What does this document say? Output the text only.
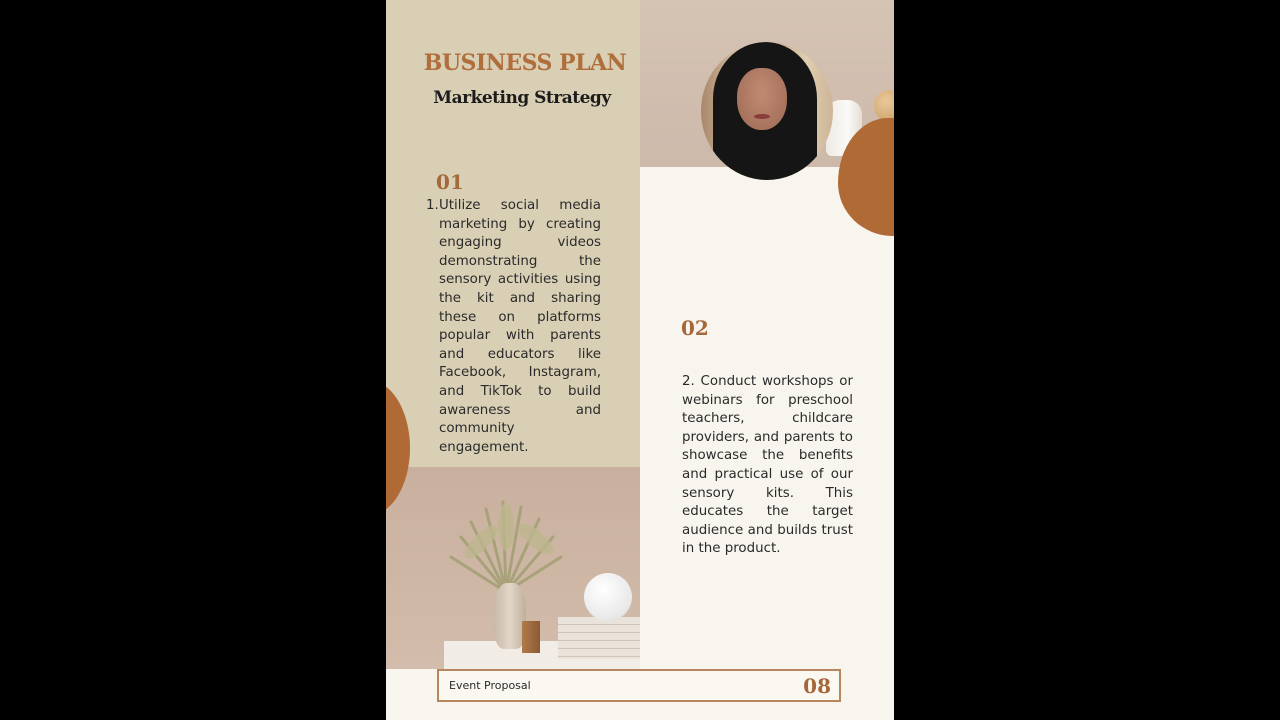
BUSINESS PLAN
Marketing Strategy
01

1. Utilize social media marketing by creating engaging videos demonstrating the sensory activities using the kit and sharing these on platforms popular with parents and educators like Facebook, Instagram, and TikTok to build awareness and community engagement.

02

2. Conduct workshops or webinars for preschool teachers, childcare providers, and parents to showcase the benefits and practical use of our sensory kits. This educates the target audience and builds trust in the product.

Event Proposal	08
